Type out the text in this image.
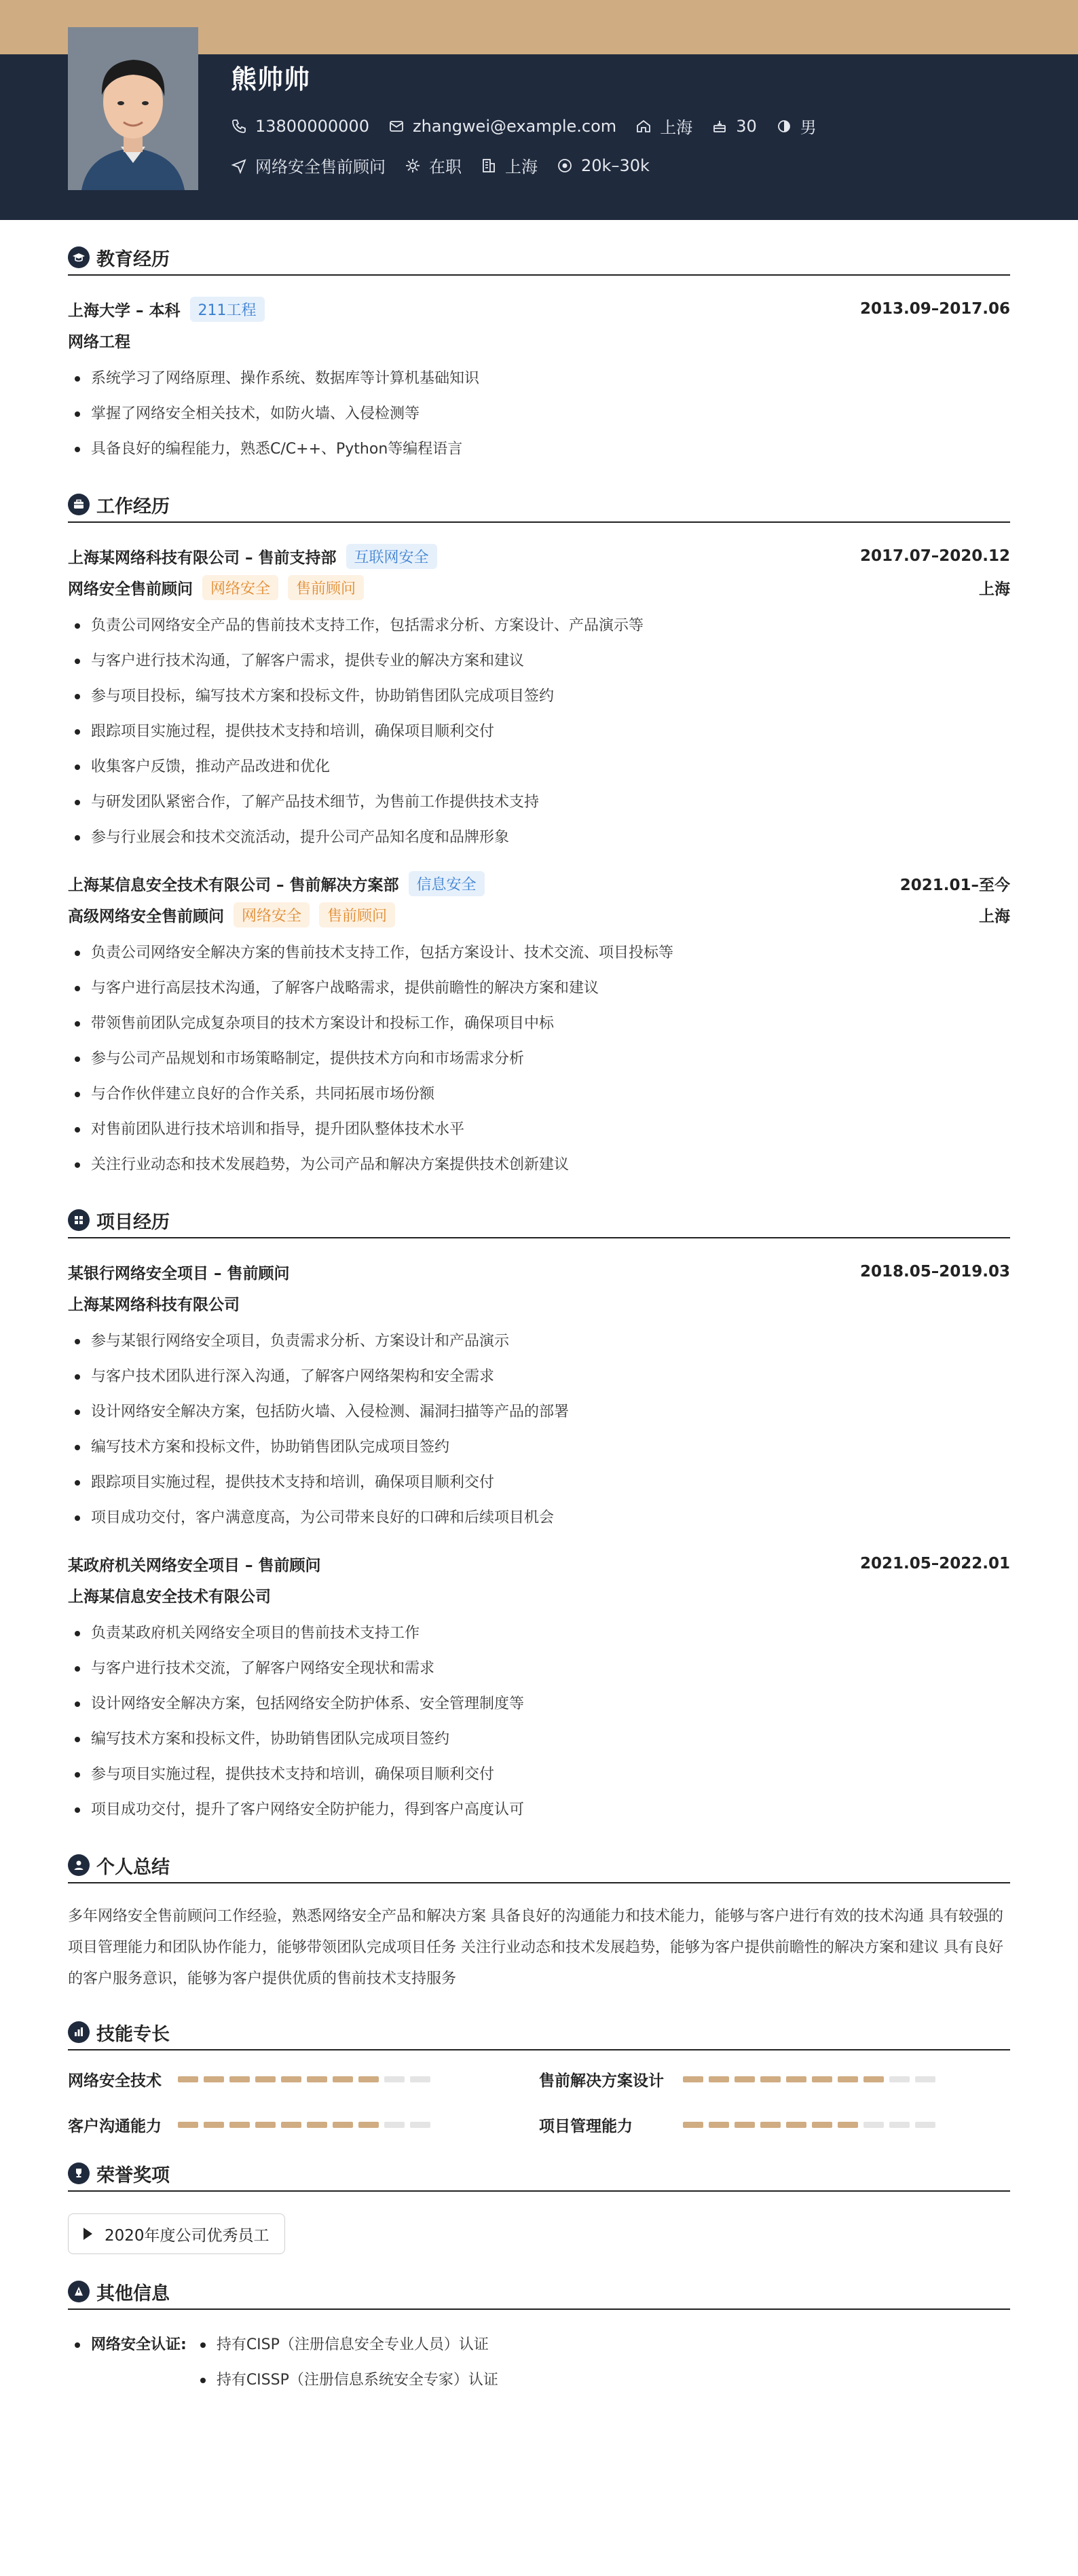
熊帅帅
13800000000	zhangwei@example.com	上海	30	男
网络安全售前顾问	在职	上海	20k–30k
教育经历
上海大学 – 本科	211工程	2013.09–2017.06
网络工程
系统学习了网络原理、操作系统、数据库等计算机基础知识
掌握了网络安全相关技术，如防火墙、入侵检测等
具备良好的编程能力，熟悉C/C++、Python等编程语言
工作经历
上海某网络科技有限公司 – 售前支持部	互联网安全	2017.07–2020.12
网络安全售前顾问	网络安全	售前顾问	上海
负责公司网络安全产品的售前技术支持工作，包括需求分析、方案设计、产品演示等
与客户进行技术沟通，了解客户需求，提供专业的解决方案和建议
参与项目投标，编写技术方案和投标文件，协助销售团队完成项目签约
跟踪项目实施过程，提供技术支持和培训，确保项目顺利交付
收集客户反馈，推动产品改进和优化
与研发团队紧密合作，了解产品技术细节，为售前工作提供技术支持
参与行业展会和技术交流活动，提升公司产品知名度和品牌形象
上海某信息安全技术有限公司 – 售前解决方案部	信息安全	2021.01–至今
高级网络安全售前顾问	网络安全	售前顾问	上海
负责公司网络安全解决方案的售前技术支持工作，包括方案设计、技术交流、项目投标等
与客户进行高层技术沟通，了解客户战略需求，提供前瞻性的解决方案和建议
带领售前团队完成复杂项目的技术方案设计和投标工作，确保项目中标
参与公司产品规划和市场策略制定，提供技术方向和市场需求分析
与合作伙伴建立良好的合作关系，共同拓展市场份额
对售前团队进行技术培训和指导，提升团队整体技术水平
关注行业动态和技术发展趋势，为公司产品和解决方案提供技术创新建议
项目经历
某银行网络安全项目 – 售前顾问	2018.05–2019.03
上海某网络科技有限公司
参与某银行网络安全项目，负责需求分析、方案设计和产品演示
与客户技术团队进行深入沟通，了解客户网络架构和安全需求
设计网络安全解决方案，包括防火墙、入侵检测、漏洞扫描等产品的部署
编写技术方案和投标文件，协助销售团队完成项目签约
跟踪项目实施过程，提供技术支持和培训，确保项目顺利交付
项目成功交付，客户满意度高，为公司带来良好的口碑和后续项目机会
某政府机关网络安全项目 – 售前顾问	2021.05–2022.01
上海某信息安全技术有限公司
负责某政府机关网络安全项目的售前技术支持工作
与客户进行技术交流，了解客户网络安全现状和需求
设计网络安全解决方案，包括网络安全防护体系、安全管理制度等
编写技术方案和投标文件，协助销售团队完成项目签约
参与项目实施过程，提供技术支持和培训，确保项目顺利交付
项目成功交付，提升了客户网络安全防护能力，得到客户高度认可
个人总结

多年网络安全售前顾问工作经验，熟悉网络安全产品和解决方案 具备良好的沟通能力和技术能力，能够与客户进行有效的技术沟通 具有较强的项目管理能力和团队协作能力，能够带领团队完成项目任务 关注行业动态和技术发展趋势，能够为客户提供前瞻性的解决方案和建议 具有良好的客户服务意识，能够为客户提供优质的售前技术支持服务

技能专长
网络安全技术	售前解决方案设计
客户沟通能力	项目管理能力
荣誉奖项
2020年度公司优秀员工
其他信息
网络安全认证:	持有CISP（注册信息安全专业人员）认证
持有CISSP（注册信息系统安全专家）认证
